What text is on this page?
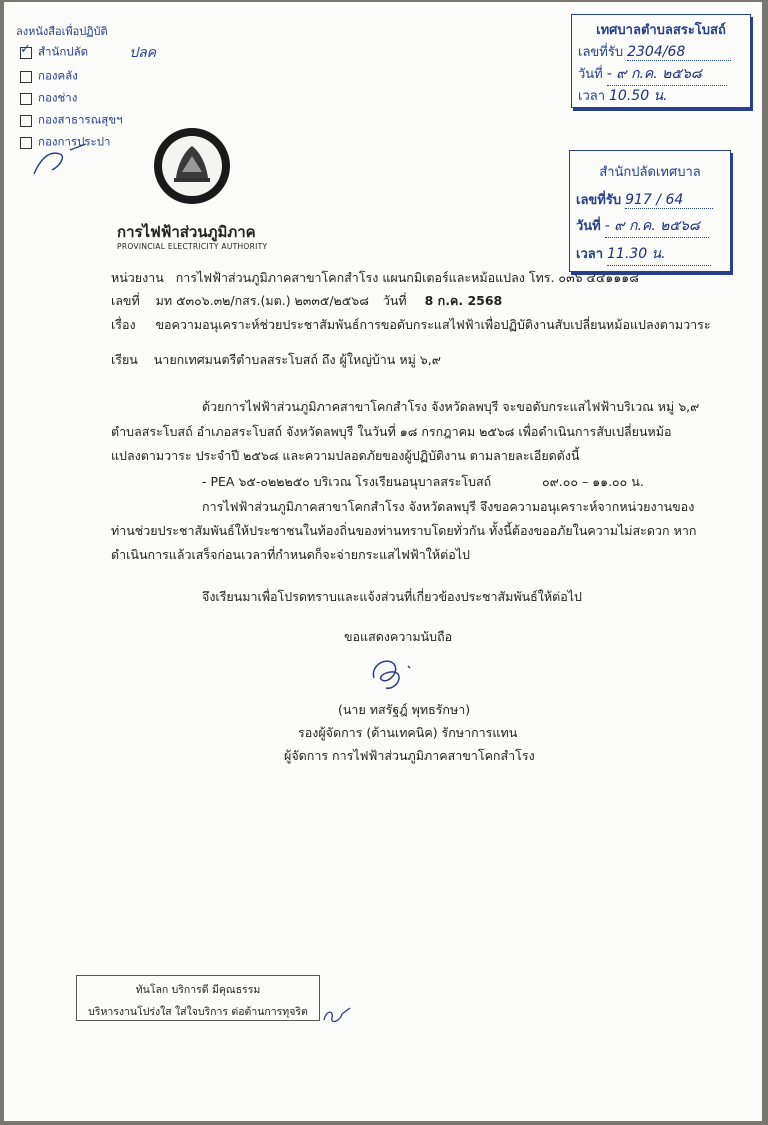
ลงหนังสือเพื่อปฏิบัติ
✓สำนักปลัด	ปลค
กองคลัง
กองช่าง
กองสาธารณสุขฯ
กองการประปา
เทศบาลตำบลสระโบสถ์
เลขที่รับ 2304/68
วันที่ - ๙ ก.ค. ๒๕๖๘
เวลา 10.50 น.
สำนักปลัดเทศบาล
เลขที่รับ 917 / 64
วันที่ - ๙ ก.ค. ๒๕๖๘
เวลา 11.30 น.
การไฟฟ้าส่วนภูมิภาค
PROVINCIAL ELECTRICITY AUTHORITY
หน่วยงาน การไฟฟ้าส่วนภูมิภาคสาขาโคกสำโรง แผนกมิเตอร์และหม้อแปลง โทร. ๐๓๖ ๔๔๑๑๑๘
เลขที่ มท ๕๓๐๖.๓๒/กสร.(มต.) ๒๓๓๕/๒๕๖๘ วันที่ 8 ก.ค. 2568
เรื่อง ขอความอนุเคราะห์ช่วยประชาสัมพันธ์การขอดับกระแสไฟฟ้าเพื่อปฏิบัติงานสับเปลี่ยนหม้อแปลงตามวาระ
เรียน นายกเทศมนตรีตำบลสระโบสถ์ ถึง ผู้ใหญ่บ้าน หมู่ ๖,๙
ด้วยการไฟฟ้าส่วนภูมิภาคสาขาโคกสำโรง จังหวัดลพบุรี จะขอดับกระแสไฟฟ้าบริเวณ หมู่ ๖,๙
ตำบลสระโบสถ์ อำเภอสระโบสถ์ จังหวัดลพบุรี ในวันที่ ๑๘ กรกฎาคม ๒๕๖๘ เพื่อดำเนินการสับเปลี่ยนหม้อ
แปลงตามวาระ ประจำปี ๒๕๖๘ และความปลอดภัยของผู้ปฏิบัติงาน ตามลายละเอียดดังนี้
- PEA ๖๕-๐๒๒๒๕๐ บริเวณ โรงเรียนอนุบาลสระโบสถ์	๐๙.๐๐ – ๑๑.๐๐ น.
การไฟฟ้าส่วนภูมิภาคสาขาโคกสำโรง จังหวัดลพบุรี จึงขอความอนุเคราะห์จากหน่วยงานของ
ท่านช่วยประชาสัมพันธ์ให้ประชาชนในท้องถิ่นของท่านทราบโดยทั่วกัน ทั้งนี้ต้องขออภัยในความไม่สะดวก หาก
ดำเนินการแล้วเสร็จก่อนเวลาที่กำหนดก็จะจ่ายกระแสไฟฟ้าให้ต่อไป
จึงเรียนมาเพื่อโปรดทราบและแจ้งส่วนที่เกี่ยวข้องประชาสัมพันธ์ให้ต่อไป
ขอแสดงความนับถือ
(นาย ทสรัฐฎ์ พุทธรักษา)
รองผู้จัดการ (ด้านเทคนิค) รักษาการแทน
ผู้จัดการ การไฟฟ้าส่วนภูมิภาคสาขาโคกสำโรง
ทันโลก บริการดี มีคุณธรรม
บริหารงานโปร่งใส ใส่ใจบริการ ต่อต้านการทุจริต
